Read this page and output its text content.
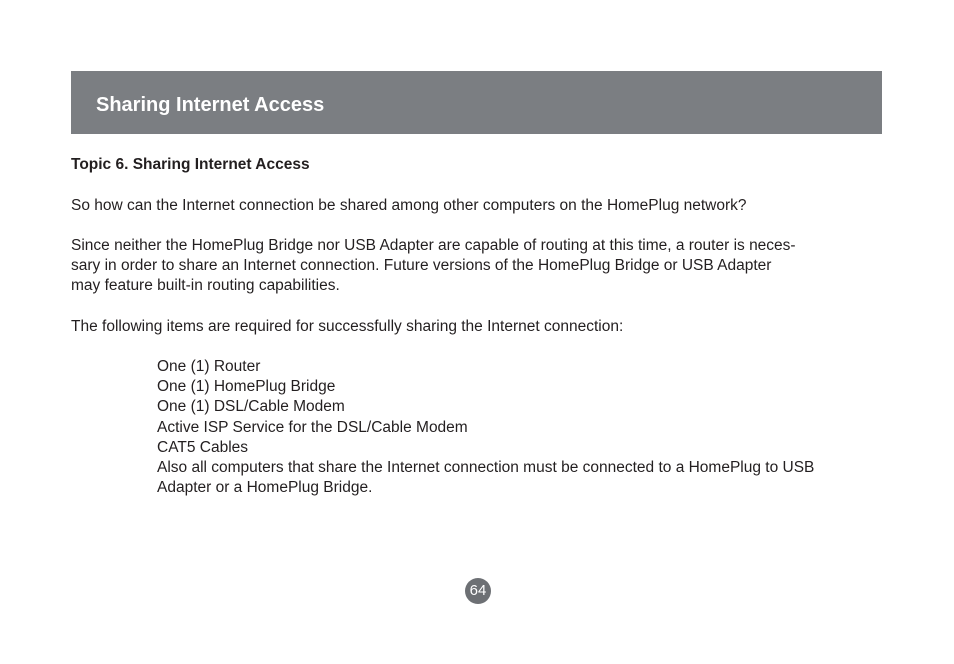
Sharing Internet Access
Topic 6. Sharing Internet Access

So how can the Internet connection be shared among other computers on the HomePlug network?

Since neither the HomePlug Bridge nor USB Adapter are capable of routing at this time, a router is neces-
sary in order to share an Internet connection. Future versions of the HomePlug Bridge or USB Adapter
may feature built-in routing capabilities.

The following items are required for successfully sharing the Internet connection:

One (1) Router
One (1) HomePlug Bridge
One (1) DSL/Cable Modem
Active ISP Service for the DSL/Cable Modem
CAT5 Cables
Also all computers that share the Internet connection must be connected to a HomePlug to USB Adapter or a HomePlug Bridge.
64
